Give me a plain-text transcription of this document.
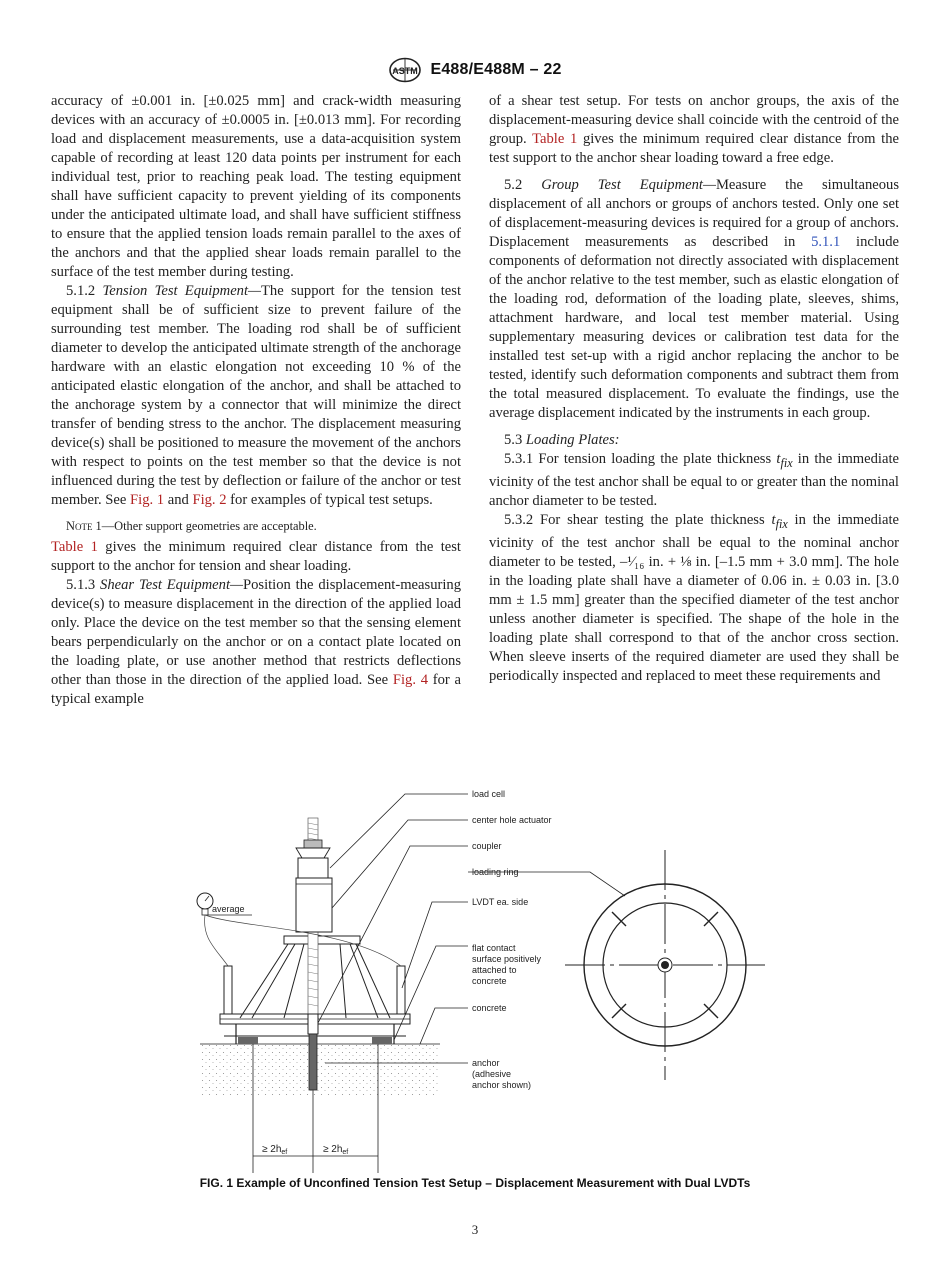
ASTM E488/E488M – 22

accuracy of ±0.001 in. [±0.025 mm] and crack-width measuring devices with an accuracy of ±0.0005 in. [±0.013 mm]. For recording load and displacement measurements, use a data-acquisition system capable of recording at least 120 data points per instrument for each individual test, prior to reaching peak load. The testing equipment shall have sufficient capacity to prevent yielding of its components under the anticipated ultimate load, and shall have sufficient stiffness to ensure that the applied tension loads remain parallel to the axes of the anchors and that the applied shear loads remain parallel to the surface of the test member during testing.

5.1.2 Tension Test Equipment—The support for the tension test equipment shall be of sufficient size to prevent failure of the surrounding test member. The loading rod shall be of sufficient diameter to develop the anticipated ultimate strength of the anchorage hardware with an elastic elongation not exceeding 10 % of the anticipated elastic elongation of the anchor, and shall be attached to the anchorage system by a connector that will minimize the direct transfer of bending stress to the anchor. The displacement measuring device(s) shall be positioned to measure the movement of the anchors with respect to points on the test member so that the device is not influenced during the test by deflection or failure of the anchor or test member. See Fig. 1 and Fig. 2 for examples of typical test setups.

Note 1—Other support geometries are acceptable.

Table 1 gives the minimum required clear distance from the test support to the anchor for tension and shear loading.

5.1.3 Shear Test Equipment—Position the displacement-measuring device(s) to measure displacement in the direction of the applied load only. Place the device on the test member so that the sensing element bears perpendicularly on the anchor or on a contact plate located on the loading plate, or use another method that restricts deflections other than those in the direction of the applied load. See Fig. 4 for a typical example

of a shear test setup. For tests on anchor groups, the axis of the displacement-measuring device shall coincide with the centroid of the group. Table 1 gives the minimum required clear distance from the test support to the anchor shear loading toward a free edge.

5.2 Group Test Equipment—Measure the simultaneous displacement of all anchors or groups of anchors tested. Only one set of displacement-measuring devices is required for a group of anchors. Displacement measurements as described in 5.1.1 include components of deformation not directly associated with displacement of the anchor relative to the test member, such as elastic elongation of the loading rod, deformation of the loading plate, sleeves, shims, attachment hardware, and local test member material. Using supplementary measuring devices or calibration test data for the installed test set-up with a rigid anchor replacing the anchor to be tested, identify such deformation components and subtract them from the total measured displacement. To evaluate the findings, use the average displacement indicated by the instruments in each group.

5.3 Loading Plates:

5.3.1 For tension loading the plate thickness $t_{fix}$ in the immediate vicinity of the test anchor shall be equal to or greater than the nominal anchor diameter to be tested.

5.3.2 For shear testing the plate thickness $t_{fix}$ in the immediate vicinity of the test anchor shall be equal to the nominal anchor diameter to be tested, –¹⁄₁₆ in. + ⅛ in. [–1.5 mm + 3.0 mm]. The hole in the loading plate shall have a diameter of 0.06 in. ± 0.03 in. [3.0 mm ± 1.5 mm] greater than the specified diameter of the test anchor unless another diameter is specified. The shape of the hole in the loading plate shall correspond to that of the anchor cross section. When sleeve inserts of the required diameter are used they shall be periodically inspected and replaced to meet these requirements and

average
≥ $2h_{ef}$	≥ $2h_{ef}$
load cell
center hole actuator
coupler
loading ring
LVDT ea. side
flat contact
surface positively
attached to
concrete
concrete
anchor
(adhesive
anchor shown)
FIG. 1 Example of Unconfined Tension Test Setup – Displacement Measurement with Dual LVDTs
3
